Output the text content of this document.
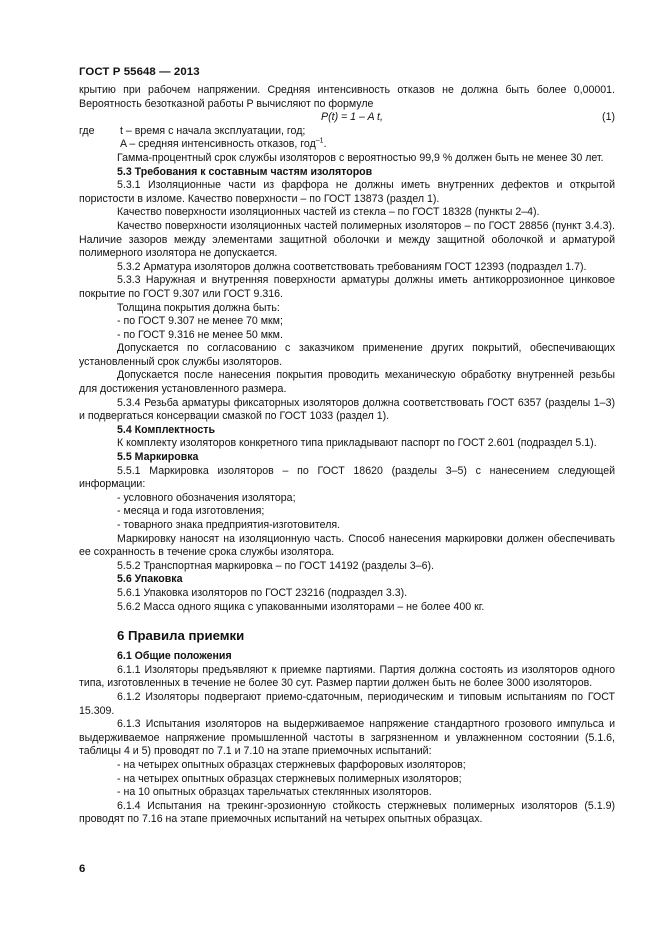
ГОСТ Р 55648 — 2013

крытию при рабочем напряжении. Средняя интенсивность отказов не должна быть более 0,00001. Вероятность безотказной работы P вычисляют по формуле

P(t) = 1 – A t,	(1)
где	t – время с начала эксплуатации, год;
A – средняя интенсивность отказов, год$^{-1}$.

Гамма-процентный срок службы изоляторов с вероятностью 99,9 % должен быть не менее 30 лет.

5.3 Требования к составным частям изоляторов

5.3.1 Изоляционные части из фарфора не должны иметь внутренних дефектов и открытой пористости в изломе. Качество поверхности – по ГОСТ 13873 (раздел 1).

Качество поверхности изоляционных частей из стекла – по ГОСТ 18328 (пункты 2–4).

Качество поверхности изоляционных частей полимерных изоляторов – по ГОСТ 28856 (пункт 3.4.3). Наличие зазоров между элементами защитной оболочки и между защитной оболочкой и арматурой полимерного изолятора не допускается.

5.3.2 Арматура изоляторов должна соответствовать требованиям ГОСТ 12393 (подраздел 1.7).

5.3.3 Наружная и внутренняя поверхности арматуры должны иметь антикоррозионное цинковое покрытие по ГОСТ 9.307 или ГОСТ 9.316.

Толщина покрытия должна быть:

- по ГОСТ 9.307 не менее 70 мкм;

- по ГОСТ 9.316 не менее 50 мкм.

Допускается по согласованию с заказчиком применение других покрытий, обеспечивающих установленный срок службы изоляторов.

Допускается после нанесения покрытия проводить механическую обработку внутренней резьбы для достижения установленного размера.

5.3.4 Резьба арматуры фиксаторных изоляторов должна соответствовать ГОСТ 6357 (разделы 1–3) и подвергаться консервации смазкой по ГОСТ 1033 (раздел 1).

5.4 Комплектность

К комплекту изоляторов конкретного типа прикладывают паспорт по ГОСТ 2.601 (подраздел 5.1).

5.5 Маркировка

5.5.1 Маркировка изоляторов – по ГОСТ 18620 (разделы 3–5) с нанесением следующей информации:

- условного обозначения изолятора;

- месяца и года изготовления;

- товарного знака предприятия-изготовителя.

Маркировку наносят на изоляционную часть. Способ нанесения маркировки должен обеспечивать ее сохранность в течение срока службы изолятора.

5.5.2 Транспортная маркировка – по ГОСТ 14192 (разделы 3–6).

5.6 Упаковка

5.6.1 Упаковка изоляторов по ГОСТ 23216 (подраздел 3.3).

5.6.2 Масса одного ящика с упакованными изоляторами – не более 400 кг.

6 Правила приемки

6.1 Общие положения

6.1.1 Изоляторы предъявляют к приемке партиями. Партия должна состоять из изоляторов одного типа, изготовленных в течение не более 30 сут. Размер партии должен быть не более 3000 изоляторов.

6.1.2 Изоляторы подвергают приемо-сдаточным, периодическим и типовым испытаниям по ГОСТ 15.309.

6.1.3 Испытания изоляторов на выдерживаемое напряжение стандартного грозового импульса и выдерживаемое напряжение промышленной частоты в загрязненном и увлажненном состоянии (5.1.6, таблицы 4 и 5) проводят по 7.1 и 7.10 на этапе приемочных испытаний:

- на четырех опытных образцах стержневых фарфоровых изоляторов;

- на четырех опытных образцах стержневых полимерных изоляторов;

- на 10 опытных образцах тарельчатых стеклянных изоляторов.

6.1.4 Испытания на трекинг-эрозионную стойкость стержневых полимерных изоляторов (5.1.9) проводят по 7.16 на этапе приемочных испытаний на четырех опытных образцах.

6
